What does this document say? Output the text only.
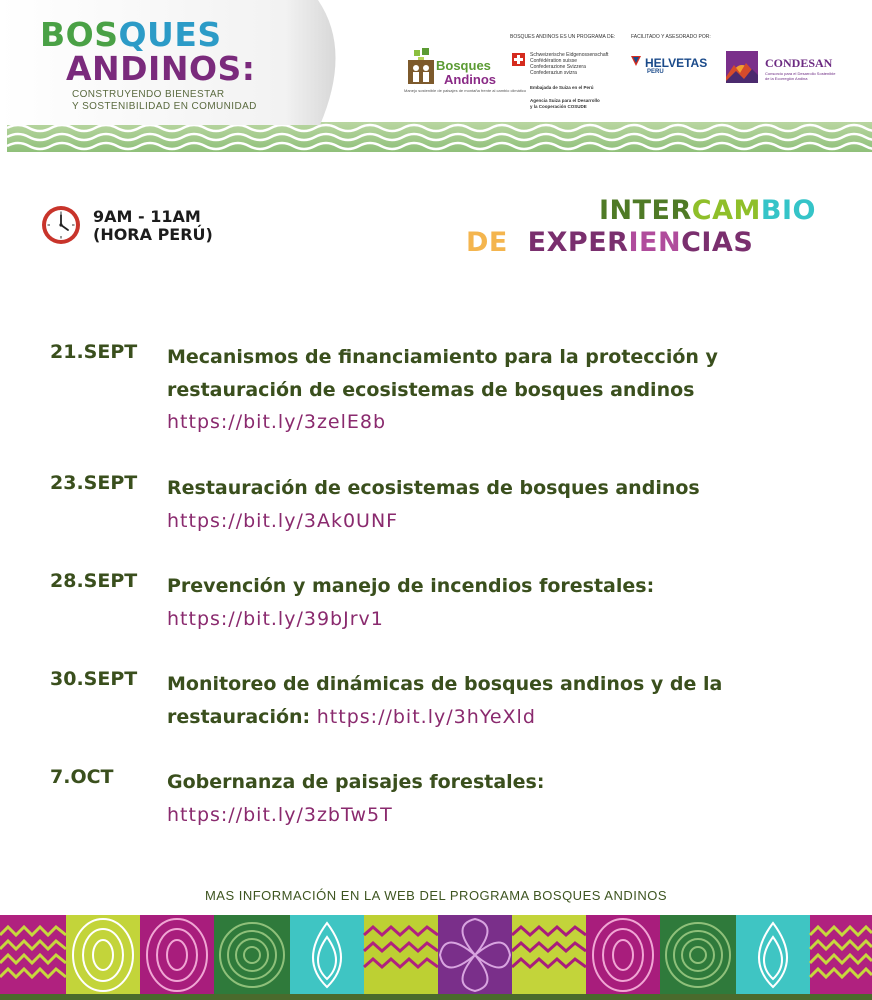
BOSQUES
ANDINOS:
CONSTRUYENDO BIENESTAR
Y SOSTENIBILIDAD EN COMUNIDAD
Bosques
Andinos
Manejo sostenible de paisajes de montaña frente al cambio climático
BOSQUES ANDINOS ES UN PROGRAMA DE:
Schweizerische Eidgenossenschaft
Confédération suisse
Confederazione Svizzera
Confederaziun svizra
Embajada de Suiza en el Perú
Agencia Suiza para el Desarrollo
y la Cooperación COSUDE
FACILITADO Y ASESORADO POR:
HELVETAS
PERU
CONDESAN
Consorcio para el Desarrollo Sostenible
de la Ecorregión Andina
9AM - 11AM
(HORA PERÚ)
INTERCAMBIO
DE EXPERIENCIAS
21.SEPT Mecanismos de financiamiento para la protección y
restauración de ecosistemas de bosques andinos
https://bit.ly/3zelE8b
23.SEPT Restauración de ecosistemas de bosques andinos
https://bit.ly/3Ak0UNF
28.SEPT Prevención y manejo de incendios forestales:
https://bit.ly/39bJrv1
30.SEPT Monitoreo de dinámicas de bosques andinos y de la
restauración: https://bit.ly/3hYeXld
7.OCT	Gobernanza de paisajes forestales:
https://bit.ly/3zbTw5T
MAS INFORMACIÓN EN LA WEB DEL PROGRAMA BOSQUES ANDINOS
